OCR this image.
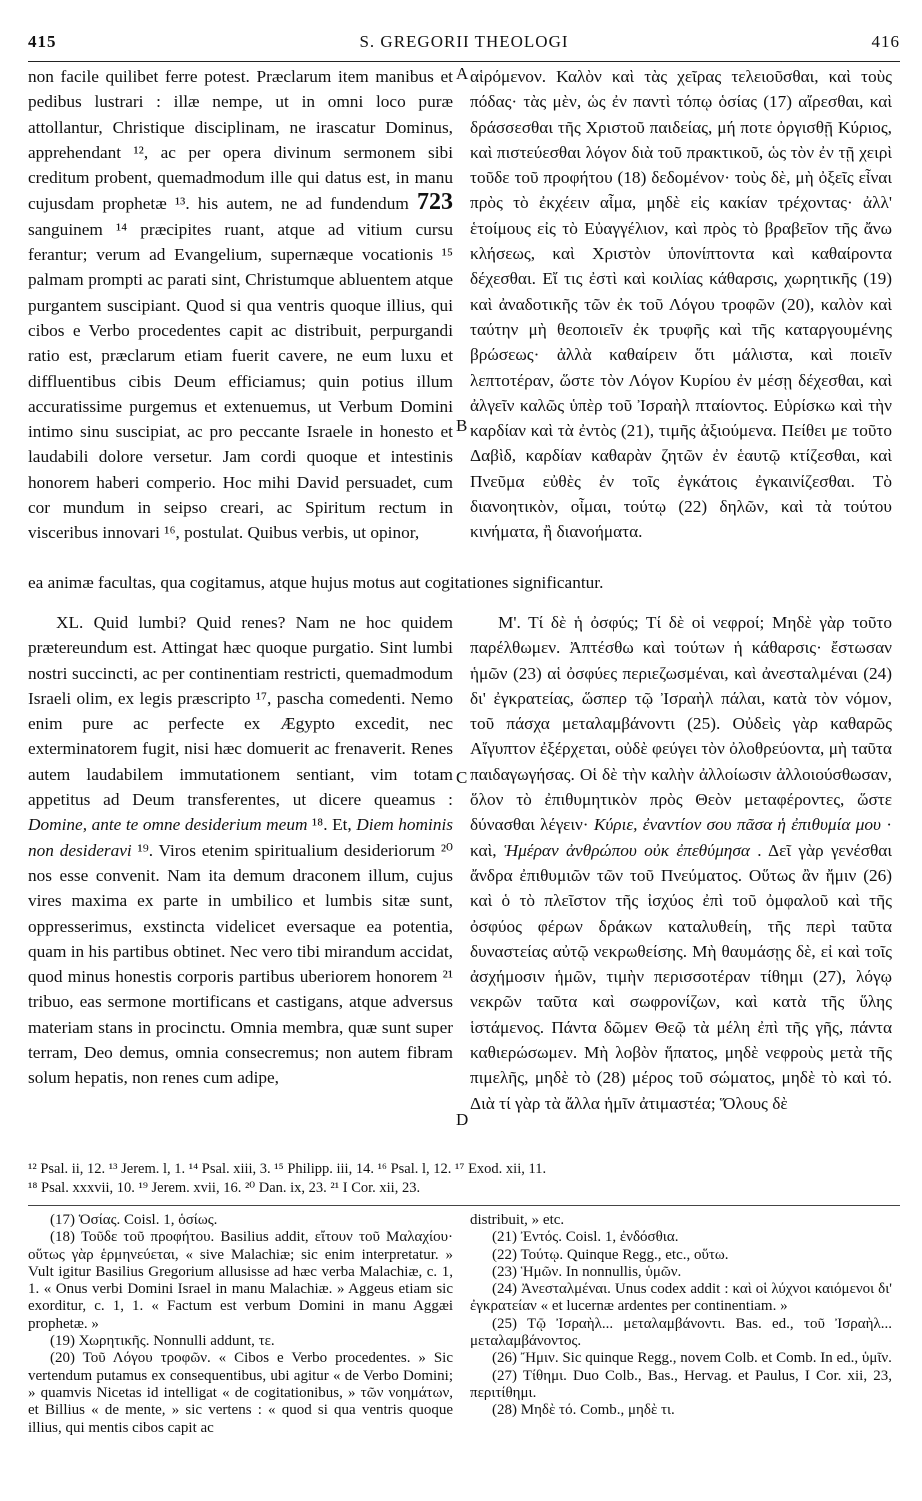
415	S. GREGORII THEOLOGI	416
A
B
C
D

non facile quilibet ferre potest. Præclarum item manibus et pedibus lustrari : illæ nempe, ut in omni loco puræ attollantur, Christique disciplinam, ne irascatur Dominus, apprehendant ¹², ac per opera divinum sermonem sibi creditum probent, quemadmodum ille qui datus est, in manu cujusdam prophetæ ¹³. his autem, ne ad fundendum 723 sanguinem ¹⁴ præcipites ruant, atque ad vitium cursu ferantur; verum ad Evangelium, supernæque vocationis ¹⁵ palmam prompti ac parati sint, Christumque abluentem atque purgantem suscipiant. Quod si qua ventris quoque illius, qui cibos e Verbo procedentes capit ac distribuit, perpurgandi ratio est, præclarum etiam fuerit cavere, ne eum luxu et diffluentibus cibis Deum efficiamus; quin potius illum accuratissime purgemus et extenuemus, ut Verbum Domini intimo sinu suscipiat, ac pro peccante Israele in honesto et laudabili dolore versetur. Jam cordi quoque et intestinis honorem haberi comperio. Hoc mihi David persuadet, cum cor mundum in seipso creari, ac Spiritum rectum in visceribus innovari ¹⁶, postulat. Quibus verbis, ut opinor,

αἱρόμενον. Καλὸν καὶ τὰς χεῖρας τελειοῦσθαι, καὶ τοὺς πόδας· τὰς μὲν, ὡς ἐν παντὶ τόπῳ ὁσίας (17) αἴρεσθαι, καὶ δράσσεσθαι τῆς Χριστοῦ παιδείας, μή ποτε ὀργισθῇ Κύριος, καὶ πιστεύεσθαι λόγον διὰ τοῦ πρακτικοῦ, ὡς τὸν ἐν τῇ χειρὶ τοῦδε τοῦ προφήτου (18) δεδομένον· τοὺς δὲ, μὴ ὀξεῖς εἶναι πρὸς τὸ ἐκχέειν αἷμα, μηδὲ εἰς κακίαν τρέχοντας· ἀλλ' ἑτοίμους εἰς τὸ Εὐαγγέλιον, καὶ πρὸς τὸ βραβεῖον τῆς ἄνω κλήσεως, καὶ Χριστὸν ὑπονίπτοντα καὶ καθαίροντα δέχεσθαι. Εἴ τις ἐστὶ καὶ κοιλίας κάθαρσις, χωρητικῆς (19) καὶ ἀναδοτικῆς τῶν ἐκ τοῦ Λόγου τροφῶν (20), καλὸν καὶ ταύτην μὴ θεοποιεῖν ἐκ τρυφῆς καὶ τῆς καταργουμένης βρώσεως· ἀλλὰ καθαίρειν ὅτι μάλιστα, καὶ ποιεῖν λεπτοτέραν, ὥστε τὸν Λόγον Κυρίου ἐν μέσῃ δέχεσθαι, καὶ ἀλγεῖν καλῶς ὑπὲρ τοῦ Ἰσραὴλ πταίοντος. Εὑρίσκω καὶ τὴν καρδίαν καὶ τὰ ἐντὸς (21), τιμῆς ἀξιούμενα. Πείθει με τοῦτο Δαβὶδ, καρδίαν καθαρὰν ζητῶν ἐν ἑαυτῷ κτίζεσθαι, καὶ Πνεῦμα εὐθὲς ἐν τοῖς ἐγκάτοις ἐγκαινίζεσθαι. Τὸ διανοητικὸν, οἶμαι, τούτῳ (22) δηλῶν, καὶ τὰ τούτου κινήματα, ἢ διανοήματα.

ea animæ facultas, qua cogitamus, atque hujus motus aut cogitationes significantur.

XL. Quid lumbi? Quid renes? Nam ne hoc quidem prætereundum est. Attingat hæc quoque purgatio. Sint lumbi nostri succincti, ac per continentiam restricti, quemadmodum Israeli olim, ex legis præscripto ¹⁷, pascha comedenti. Nemo enim pure ac perfecte ex Ægypto excedit, nec exterminatorem fugit, nisi hæc domuerit ac frenaverit. Renes autem laudabilem immutationem sentiant, vim totam appetitus ad Deum transferentes, ut dicere queamus : Domine, ante te omne desiderium meum ¹⁸. Et, Diem hominis non desideravi ¹⁹. Viros etenim spiritualium desideriorum ²⁰ nos esse convenit. Nam ita demum draconem illum, cujus vires maxima ex parte in umbilico et lumbis sitæ sunt, oppresserimus, exstincta videlicet eversaque ea potentia, quam in his partibus obtinet. Nec vero tibi mirandum accidat, quod minus honestis corporis partibus uberiorem honorem ²¹ tribuo, eas sermone mortificans et castigans, atque adversus materiam stans in procinctu. Omnia membra, quæ sunt super terram, Deo demus, omnia consecremus; non autem fibram solum hepatis, non renes cum adipe,

Μ'. Τί δὲ ἡ ὀσφύς; Τί δὲ οἱ νεφροί; Μηδὲ γὰρ τοῦτο παρέλθωμεν. Ἀπτέσθω καὶ τούτων ἡ κάθαρσις· ἔστωσαν ἡμῶν (23) αἱ ὀσφύες περιεζωσμέναι, καὶ ἀνεσταλμέναι (24) δι' ἐγκρατείας, ὥσπερ τῷ Ἰσραὴλ πάλαι, κατὰ τὸν νόμον, τοῦ πάσχα μεταλαμβάνοντι (25). Οὐδεὶς γὰρ καθαρῶς Αἴγυπτον ἐξέρχεται, οὐδὲ φεύγει τὸν ὀλοθρεύοντα, μὴ ταῦτα παιδαγωγήσας. Οἱ δὲ τὴν καλὴν ἀλλοίωσιν ἀλλοιούσθωσαν, ὅλον τὸ ἐπιθυμητικὸν πρὸς Θεὸν μεταφέροντες, ὥστε δύνασθαι λέγειν· Κύριε, ἐναντίον σου πᾶσα ἡ ἐπιθυμία μου · καὶ, Ἡμέραν ἀνθρώπου οὐκ ἐπεθύμησα . Δεῖ γὰρ γενέσθαι ἄνδρα ἐπιθυμιῶν τῶν τοῦ Πνεύματος. Οὕτως ἂν ἤμιν (26) καὶ ὁ τὸ πλεῖστον τῆς ἰσχύος ἐπὶ τοῦ ὀμφαλοῦ καὶ τῆς ὀσφύος φέρων δράκων καταλυθείη, τῆς περὶ ταῦτα δυναστείας αὐτῷ νεκρωθείσης. Μὴ θαυμάσῃς δὲ, εἰ καὶ τοῖς ἀσχήμοσιν ἡμῶν, τιμὴν περισσοτέραν τίθημι (27), λόγῳ νεκρῶν ταῦτα καὶ σωφρονίζων, καὶ κατὰ τῆς ὕλης ἱστάμενος. Πάντα δῶμεν Θεῷ τὰ μέλη ἐπὶ τῆς γῆς, πάντα καθιερώσωμεν. Μὴ λοβὸν ἥπατος, μηδὲ νεφροὺς μετὰ τῆς πιμελῆς, μηδὲ τὸ (28) μέρος τοῦ σώματος, μηδὲ τὸ καὶ τό. Διὰ τί γὰρ τὰ ἄλλα ἡμῖν ἀτιμαστέα; Ὅλους δὲ

¹² Psal. ii, 12. ¹³ Jerem. l, 1. ¹⁴ Psal. xiii, 3. ¹⁵ Philipp. iii, 14. ¹⁶ Psal. l, 12. ¹⁷ Exod. xii, 11.
¹⁸ Psal. xxxvii, 10. ¹⁹ Jerem. xvii, 16. ²⁰ Dan. ix, 23. ²¹ I Cor. xii, 23.

(17) Ὁσίας. Coisl. 1, ὁσίως.

(18) Τοῦδε τοῦ προφήτου. Basilius addit, εἴτουν τοῦ Μαλαχίου· οὕτως γὰρ ἑρμηνεύεται, « sive Malachiæ; sic enim interpretatur. » Vult igitur Basilius Gregorium allusisse ad hæc verba Malachiæ, c. 1, 1. « Onus verbi Domini Israel in manu Malachiæ. » Aggeus etiam sic exorditur, c. 1, 1. « Factum est verbum Domini in manu Aggæi prophetæ. »

(19) Χωρητικῆς. Nonnulli addunt, τε.

(20) Τοῦ Λόγου τροφῶν. « Cibos e Verbo procedentes. » Sic vertendum putamus ex consequentibus, ubi agitur « de Verbo Domini; » quamvis Nicetas id intelligat « de cogitationibus, » τῶν νοημάτων, et Billius « de mente, » sic vertens : « quod si qua ventris quoque illius, qui mentis cibos capit ac

distribuit, » etc.

(21) Ἐντός. Coisl. 1, ἐνδόσθια.

(22) Τούτῳ. Quinque Regg., etc., οὕτω.

(23) Ἡμῶν. In nonnullis, ὑμῶν.

(24) Ἀνεσταλμέναι. Unus codex addit : καὶ οἱ λύχνοι καιόμενοι δι' ἐγκρατείαν « et lucernæ ardentes per continentiam. »

(25) Τῷ Ἰσραὴλ... μεταλαμβάνοντι. Bas. ed., τοῦ Ἰσραὴλ... μεταλαμβάνοντος.

(26) Ἤμιν. Sic quinque Regg., novem Colb. et Comb. In ed., ὑμῖν.

(27) Τίθημι. Duo Colb., Bas., Hervag. et Paulus, I Cor. xii, 23, περιτίθημι.

(28) Μηδὲ τό. Comb., μηδὲ τι.
